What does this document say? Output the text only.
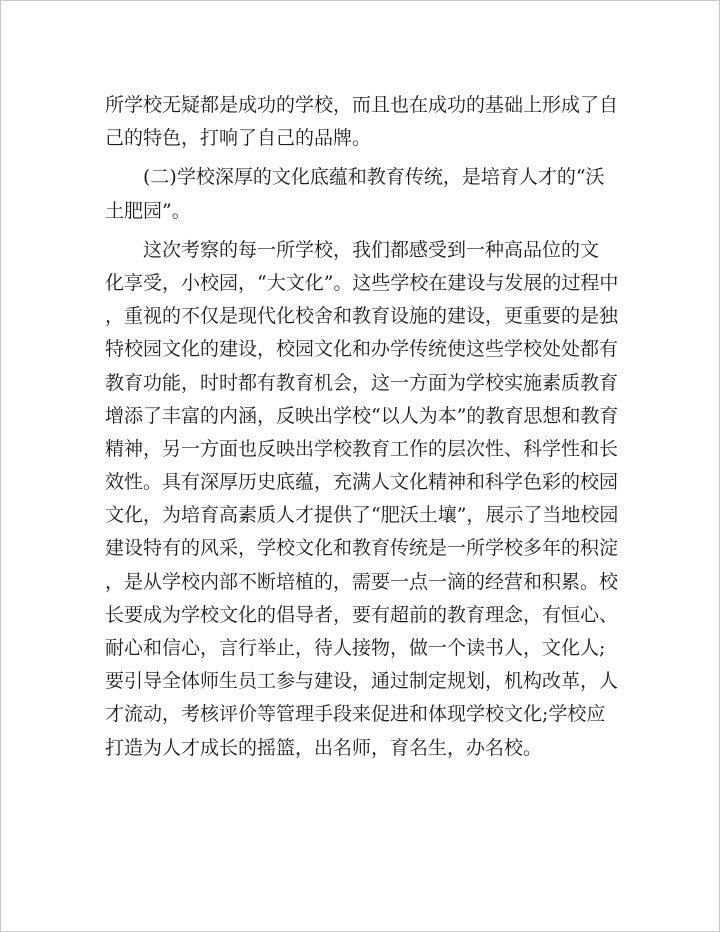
所学校无疑都是成功的学校，而且也在成功的基础上形成了自
己的特色，打响了自己的品牌。
　　(二)学校深厚的文化底蕴和教育传统，是培育人才的“沃
土肥园”。
　　这次考察的每一所学校，我们都感受到一种高品位的文
化享受，小校园，“大文化”。这些学校在建设与发展的过程中
，重视的不仅是现代化校舍和教育设施的建设，更重要的是独
特校园文化的建设，校园文化和办学传统使这些学校处处都有
教育功能，时时都有教育机会，这一方面为学校实施素质教育
增添了丰富的内涵，反映出学校“以人为本”的教育思想和教育
精神，另一方面也反映出学校教育工作的层次性、科学性和长
效性。具有深厚历史底蕴，充满人文化精神和科学色彩的校园
文化，为培育高素质人才提供了“肥沃土壤”，展示了当地校园
建设特有的风采，学校文化和教育传统是一所学校多年的积淀
，是从学校内部不断培植的，需要一点一滴的经营和积累。校
长要成为学校文化的倡导者，要有超前的教育理念，有恒心、
耐心和信心，言行举止，待人接物，做一个读书人，文化人;
要引导全体师生员工参与建设，通过制定规划，机构改革，人
才流动，考核评价等管理手段来促进和体现学校文化;学校应
打造为人才成长的摇篮，出名师，育名生，办名校。
